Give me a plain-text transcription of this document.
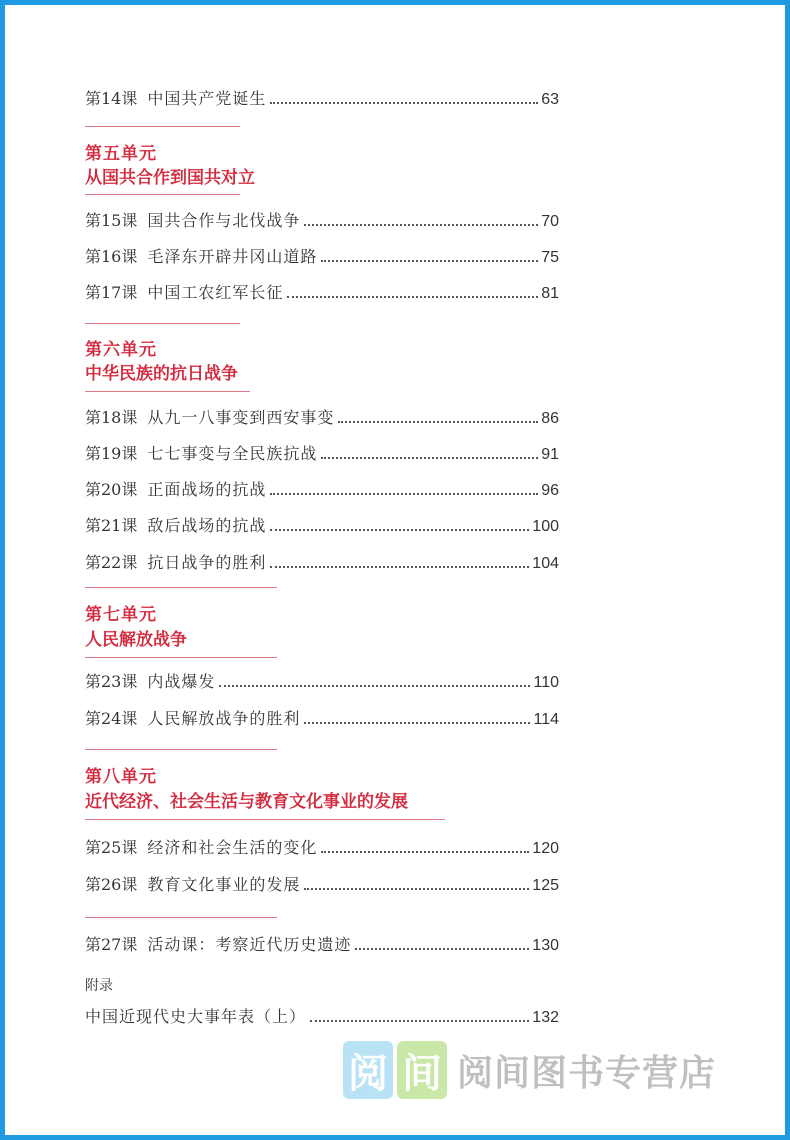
第14课 中国共产党诞生	63
第五单元
从国共合作到国共对立
第15课 国共合作与北伐战争	70
第16课 毛泽东开辟井冈山道路	75
第17课 中国工农红军长征	81
第六单元
中华民族的抗日战争
第18课 从九一八事变到西安事变	86
第19课 七七事变与全民族抗战	91
第20课 正面战场的抗战	96
第21课 敌后战场的抗战	100
第22课 抗日战争的胜利	104
第七单元
人民解放战争
第23课 内战爆发	110
第24课 人民解放战争的胜利	114
第八单元
近代经济、社会生活与教育文化事业的发展
第25课 经济和社会生活的变化	120
第26课 教育文化事业的发展	125
第27课 活动课：考察近代历史遗迹	130
附录
中国近现代史大事年表（上）	132
阅 间 阅间图书专营店
